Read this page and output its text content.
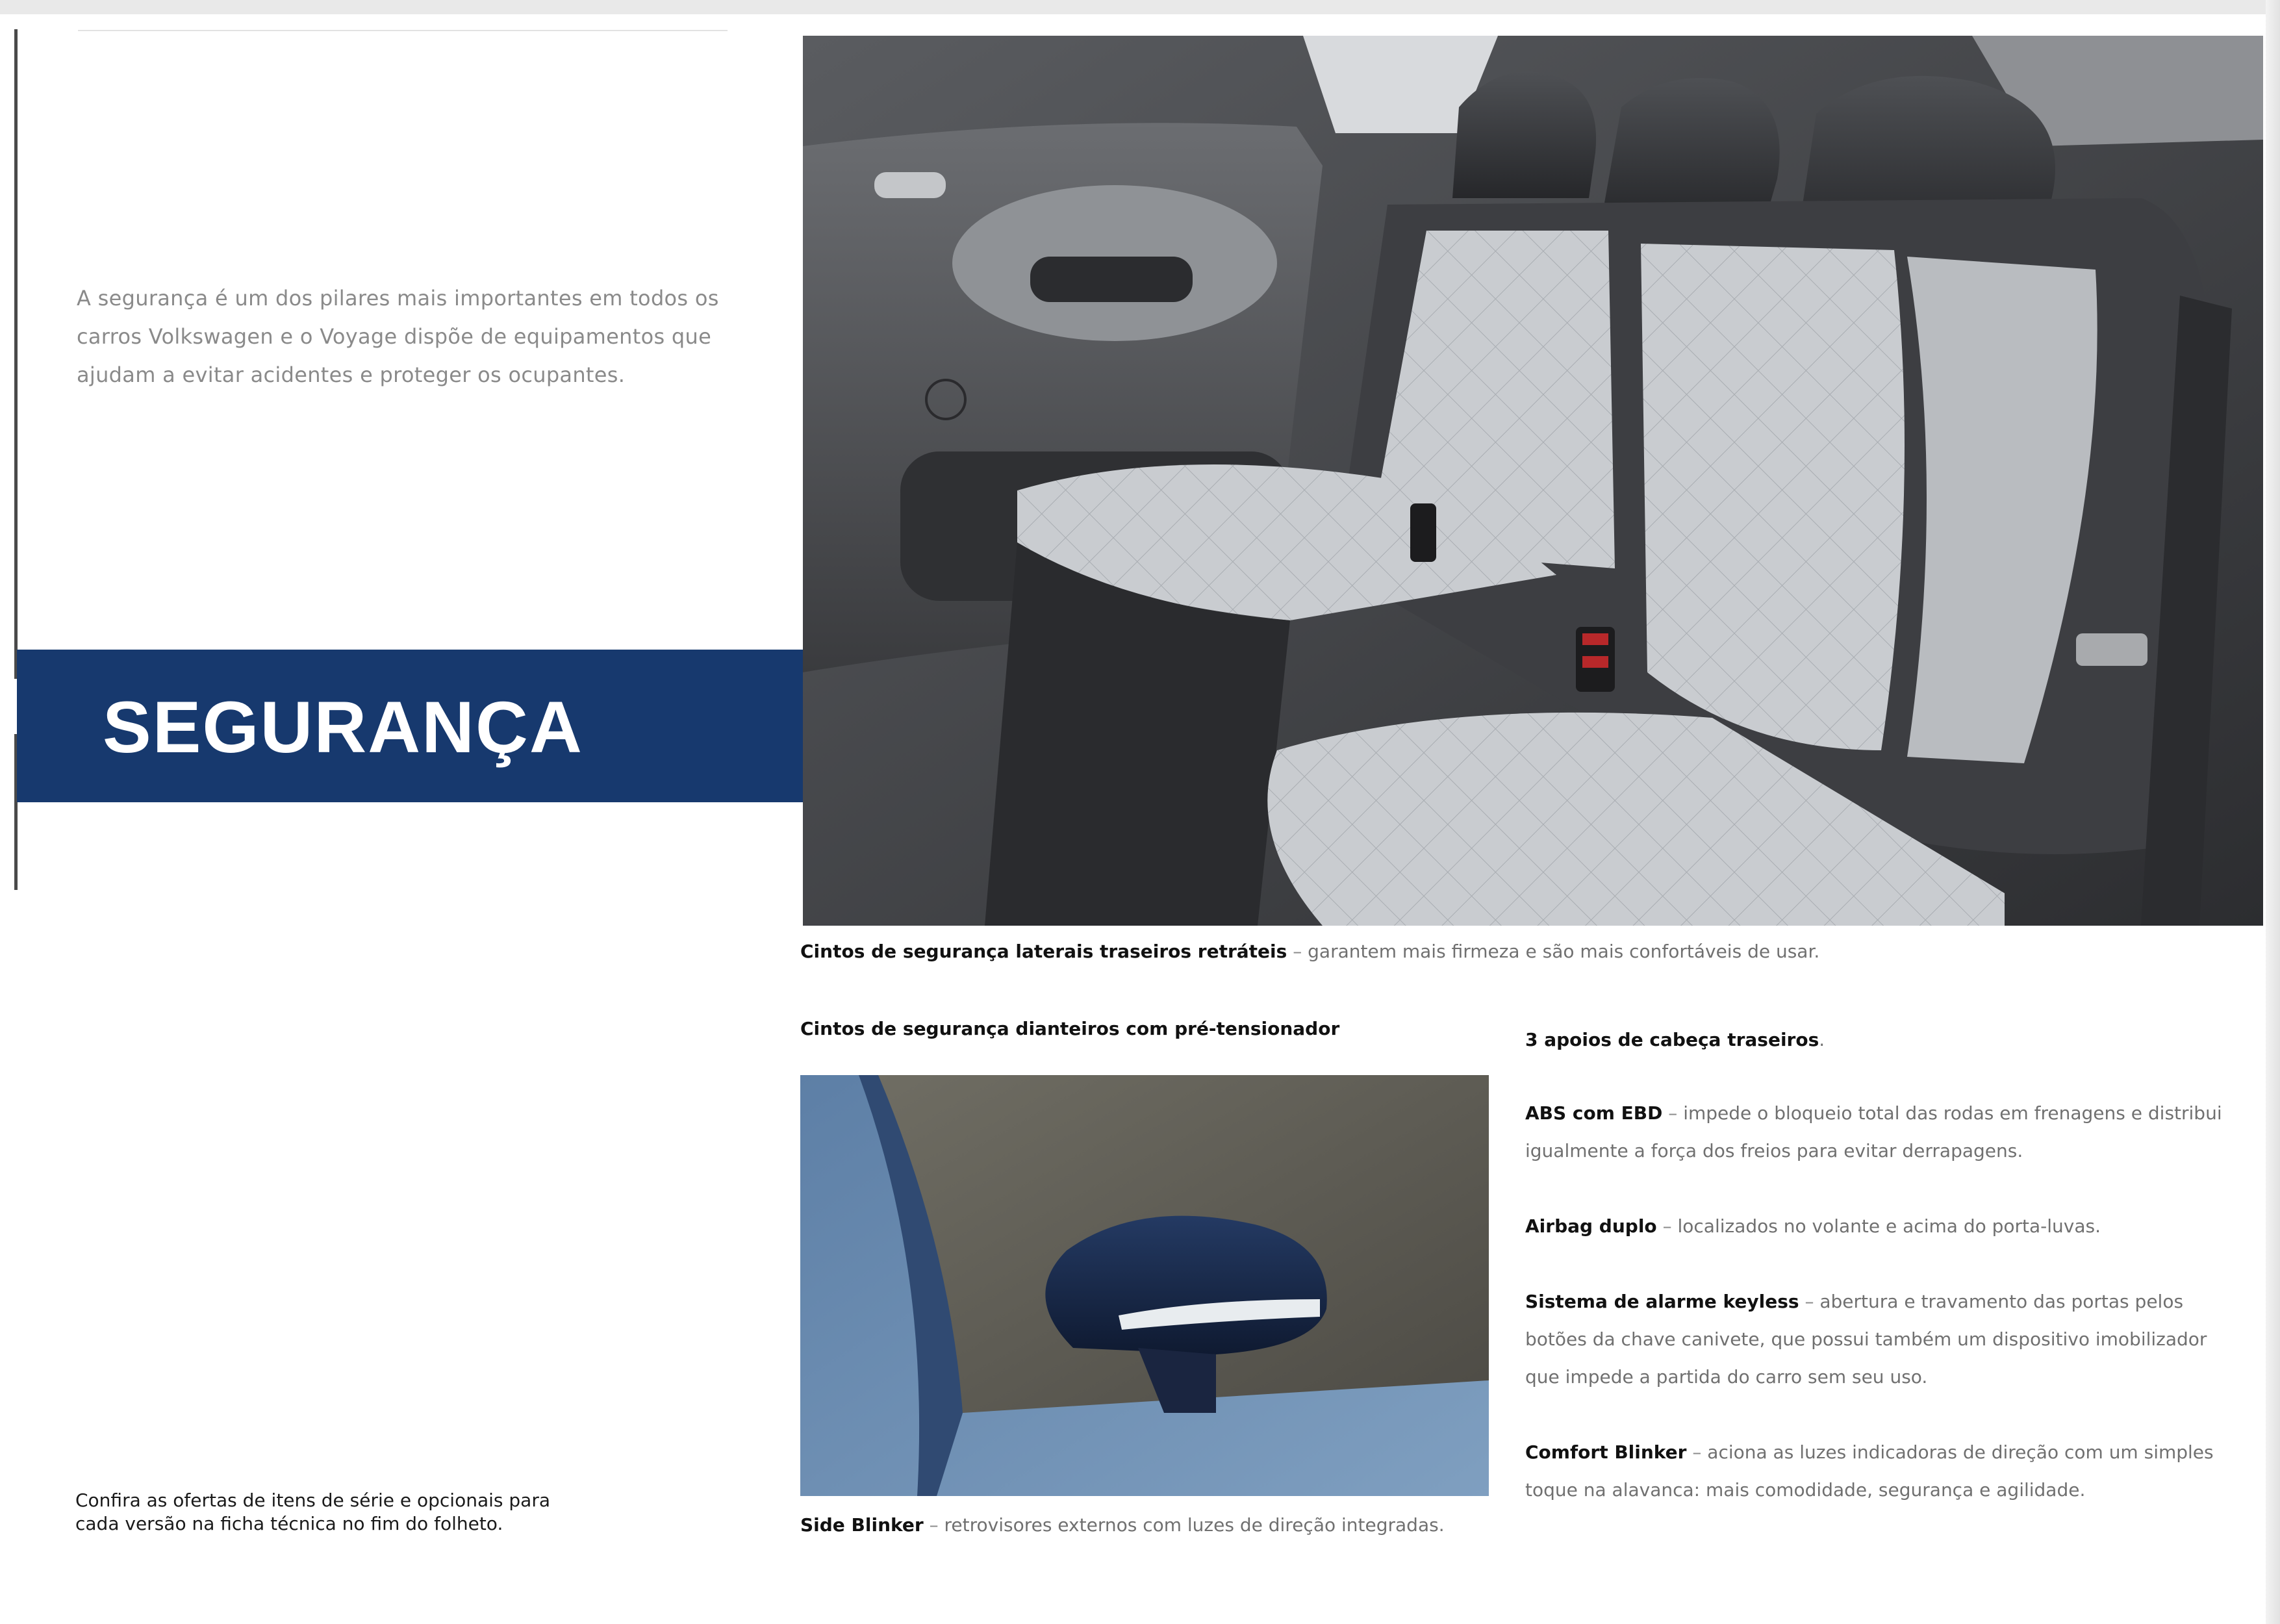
A segurança é um dos pilares mais importantes em todos os

carros Volkswagen e o Voyage dispõe de equipamentos que

ajudam a evitar acidentes e proteger os ocupantes.

SEGURANÇA
Cintos de segurança laterais traseiros retráteis – garantem mais firmeza e são mais confortáveis de usar.
Cintos de segurança dianteiros com pré-tensionador
Side Blinker – retrovisores externos com luzes de direção integradas.
3 apoios de cabeça traseiros.
ABS com EBD – impede o bloqueio total das rodas em frenagens e distribui igualmente a força dos freios para evitar derrapagens.
Airbag duplo – localizados no volante e acima do porta-luvas.
Sistema de alarme keyless – abertura e travamento das portas pelos botões da chave canivete, que possui também um dispositivo imobilizador que impede a partida do carro sem seu uso.
Comfort Blinker – aciona as luzes indicadoras de direção com um simples toque na alavanca: mais comodidade, segurança e agilidade.
Confira as ofertas de itens de série e opcionais para
cada versão na ficha técnica no fim do folheto.
